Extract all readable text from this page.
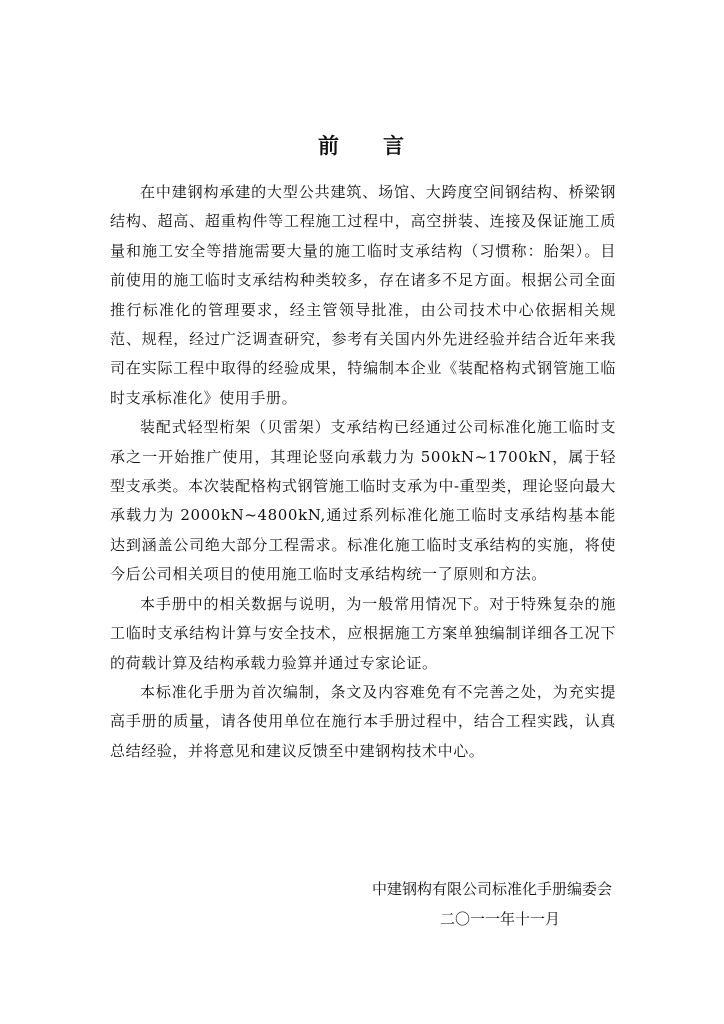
前 言

在中建钢构承建的大型公共建筑、场馆、大跨度空间钢结构、桥梁钢结构、超高、超重构件等工程施工过程中，高空拼装、连接及保证施工质量和施工安全等措施需要大量的施工临时支承结构（习惯称：胎架）。目前使用的施工临时支承结构种类较多，存在诸多不足方面。根据公司全面推行标准化的管理要求，经主管领导批准，由公司技术中心依据相关规范、规程，经过广泛调查研究，参考有关国内外先进经验并结合近年来我司在实际工程中取得的经验成果，特编制本企业《装配格构式钢管施工临时支承标准化》使用手册。

装配式轻型桁架（贝雷架）支承结构已经通过公司标准化施工临时支承之一开始推广使用，其理论竖向承载力为 500kN~1700kN，属于轻型支承类。本次装配格构式钢管施工临时支承为中-重型类，理论竖向最大承载力为 2000kN~4800kN,通过系列标准化施工临时支承结构基本能达到涵盖公司绝大部分工程需求。标准化施工临时支承结构的实施，将使今后公司相关项目的使用施工临时支承结构统一了原则和方法。

本手册中的相关数据与说明，为一般常用情况下。对于特殊复杂的施工临时支承结构计算与安全技术，应根据施工方案单独编制详细各工况下的荷载计算及结构承载力验算并通过专家论证。

本标准化手册为首次编制，条文及内容难免有不完善之处，为充实提高手册的质量，请各使用单位在施行本手册过程中，结合工程实践，认真总结经验，并将意见和建议反馈至中建钢构技术中心。

中建钢构有限公司标准化手册编委会
二〇一一年十一月
